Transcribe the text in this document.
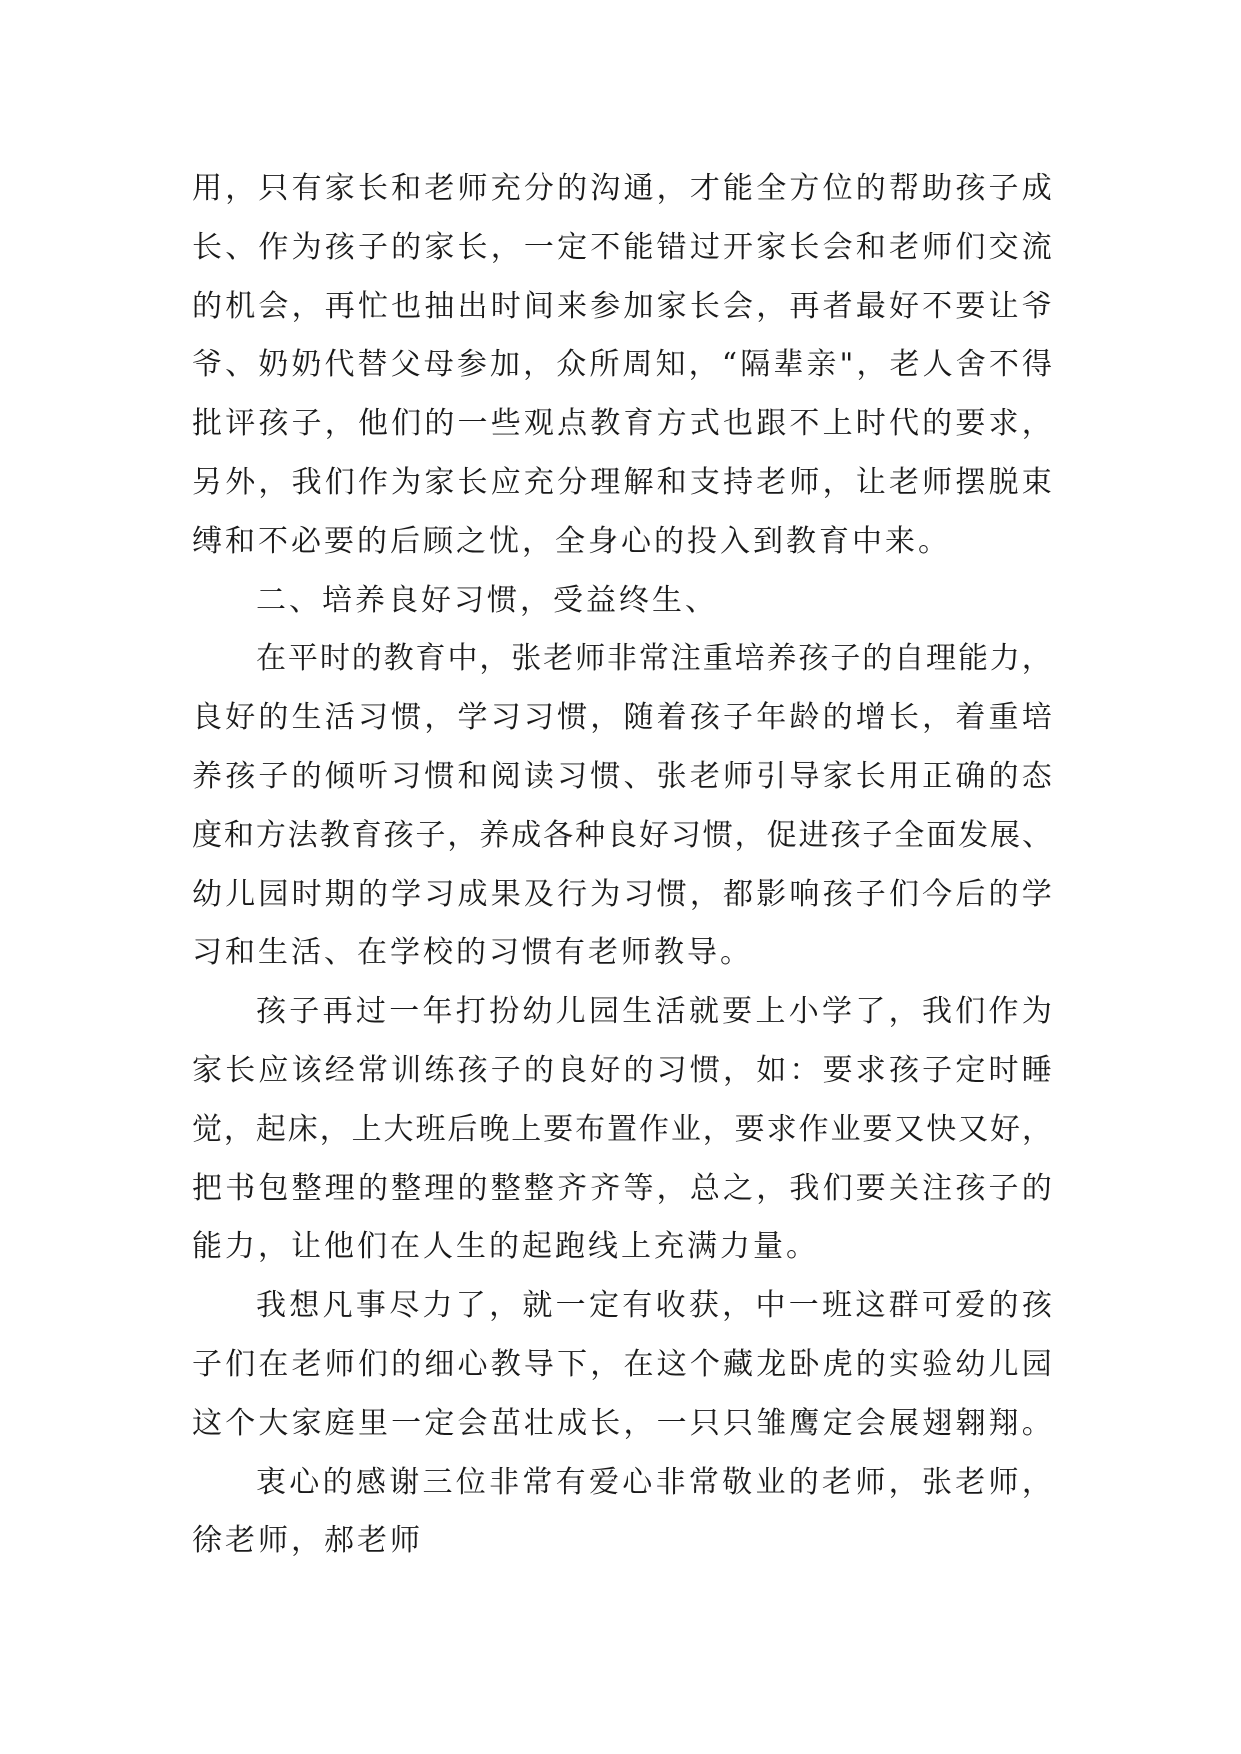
用 ， 只 有 家 长 和 老 师 充 分 的 沟 通 ， 才 能 全 方 位 的 帮 助 孩 子 成
长 、 作 为 孩 子 的 家 长 ， 一 定 不 能 错 过 开 家 长 会 和 老 师 们 交 流
的 机 会 ， 再 忙 也 抽 出 时 间 来 参 加 家 长 会 ， 再 者 最 好 不 要 让 爷
爷 、 奶 奶 代 替 父 母 参 加 ， 众 所 周 知 ， “ 隔 辈 亲 " ， 老 人 舍 不 得
批 评 孩 子 ， 他 们 的 一 些 观 点 教 育 方 式 也 跟 不 上 时 代 的 要 求 ，
另 外 ， 我 们 作 为 家 长 应 充 分 理 解 和 支 持 老 师 ， 让 老 师 摆 脱 束
缚和不必要的后顾之忧，全身心的投入到教育中来。
二、培养良好习惯，受益终生、
在 平 时 的 教 育 中 ， 张 老 师 非 常 注 重 培 养 孩 子 的 自 理 能 力 ，
良 好 的 生 活 习 惯 ， 学 习 习 惯 ， 随 着 孩 子 年 龄 的 增 长 ， 着 重 培
养 孩 子 的 倾 听 习 惯 和 阅 读 习 惯 、 张 老 师 引 导 家 长 用 正 确 的 态
度 和 方 法 教 育 孩 子 ， 养 成 各 种 良 好 习 惯 ， 促 进 孩 子 全 面 发 展 、
幼 儿 园 时 期 的 学 习 成 果 及 行 为 习 惯 ， 都 影 响 孩 子 们 今 后 的 学
习和生活、在学校的习惯有老师教导。
孩 子 再 过 一 年 打 扮 幼 儿 园 生 活 就 要 上 小 学 了 ， 我 们 作 为
家 长 应 该 经 常 训 练 孩 子 的 良 好 的 习 惯 ， 如 ： 要 求 孩 子 定 时 睡
觉 ， 起 床 ， 上 大 班 后 晚 上 要 布 置 作 业 ， 要 求 作 业 要 又 快 又 好 ，
把 书 包 整 理 的 整 理 的 整 整 齐 齐 等 ， 总 之 ， 我 们 要 关 注 孩 子 的
能力，让他们在人生的起跑线上充满力量。
我 想 凡 事 尽 力 了 ， 就 一 定 有 收 获 ， 中 一 班 这 群 可 爱 的 孩
子 们 在 老 师 们 的 细 心 教 导 下 ， 在 这 个 藏 龙 卧 虎 的 实 验 幼 儿 园
这 个 大 家 庭 里 一 定 会 茁 壮 成 长 ， 一 只 只 雏 鹰 定 会 展 翅 翱 翔 。
衷 心 的 感 谢 三 位 非 常 有 爱 心 非 常 敬 业 的 老 师 ， 张 老 师 ，
徐老师，郝老师
